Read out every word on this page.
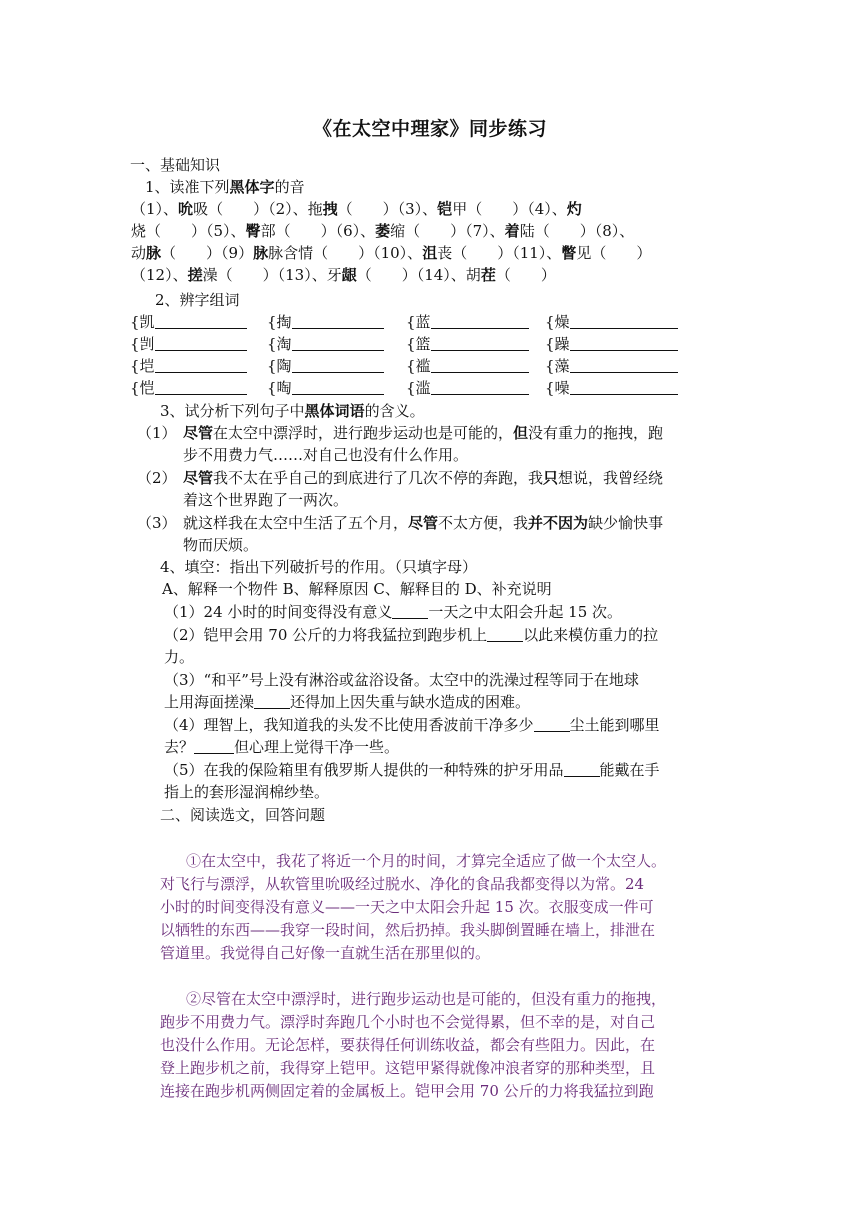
《在太空中理家》同步练习
一、基础知识
1、读准下列黑体字的音
（1）、吮吸（　　）（2）、拖拽（　　）（3）、铠甲（　　）（4）、灼
烧（　　）（5）、臀部（　　）（6）、萎缩（　　）（7）、着陆（　　）（8）、
动脉（　　）（9）脉脉含情（　　）（10）、沮丧（　　）（11）、瞥见（　　）
（12）、搓澡（　　）（13）、牙龈（　　）（14）、胡茬（　　）
2、辨字组词
{凯	{掏	{蓝	{燥
{剀	{淘	{篮	{躁
{垲	{陶	{褴	{藻
{恺	{啕	{滥	{噪
3、试分析下列句子中黑体词语的含义。
（1） 尽管在太空中漂浮时，进行跑步运动也是可能的，但没有重力的拖拽，跑
步不用费力气……对自己也没有什么作用。
（2） 尽管我不太在乎自己的到底进行了几次不停的奔跑，我只想说，我曾经绕
着这个世界跑了一两次。
（3） 就这样我在太空中生活了五个月，尽管不太方便，我并不因为缺少愉快事
物而厌烦。
4、填空：指出下列破折号的作用。（只填字母）
A、解释一个物件 B、解释原因 C、解释目的 D、补充说明
（1）24 小时的时间变得没有意义 一天之中太阳会升起 15 次。
（2）铠甲会用 70 公斤的力将我猛拉到跑步机上 以此来模仿重力的拉
力。
（3）“和平”号上没有淋浴或盆浴设备。太空中的洗澡过程等同于在地球
上用海面搓澡 还得加上因失重与缺水造成的困难。
（4）理智上，我知道我的头发不比使用香波前干净多少 尘土能到哪里
去？	但心理上觉得干净一些。
（5）在我的保险箱里有俄罗斯人提供的一种特殊的护牙用品 能戴在手
指上的套形湿润棉纱垫。
二、阅读选文，回答问题
①在太空中，我花了将近一个月的时间，才算完全适应了做一个太空人。
对飞行与漂浮，从软管里吮吸经过脱水、净化的食品我都变得以为常。24
小时的时间变得没有意义——一天之中太阳会升起 15 次。衣服变成一件可
以牺牲的东西——我穿一段时间，然后扔掉。我头脚倒置睡在墙上，排泄在
管道里。我觉得自己好像一直就生活在那里似的。
②尽管在太空中漂浮时，进行跑步运动也是可能的，但没有重力的拖拽，
跑步不用费力气。漂浮时奔跑几个小时也不会觉得累，但不幸的是，对自己
也没什么作用。无论怎样，要获得任何训练收益，都会有些阻力。因此，在
登上跑步机之前，我得穿上铠甲。这铠甲紧得就像冲浪者穿的那种类型，且
连接在跑步机两侧固定着的金属板上。铠甲会用 70 公斤的力将我猛拉到跑
